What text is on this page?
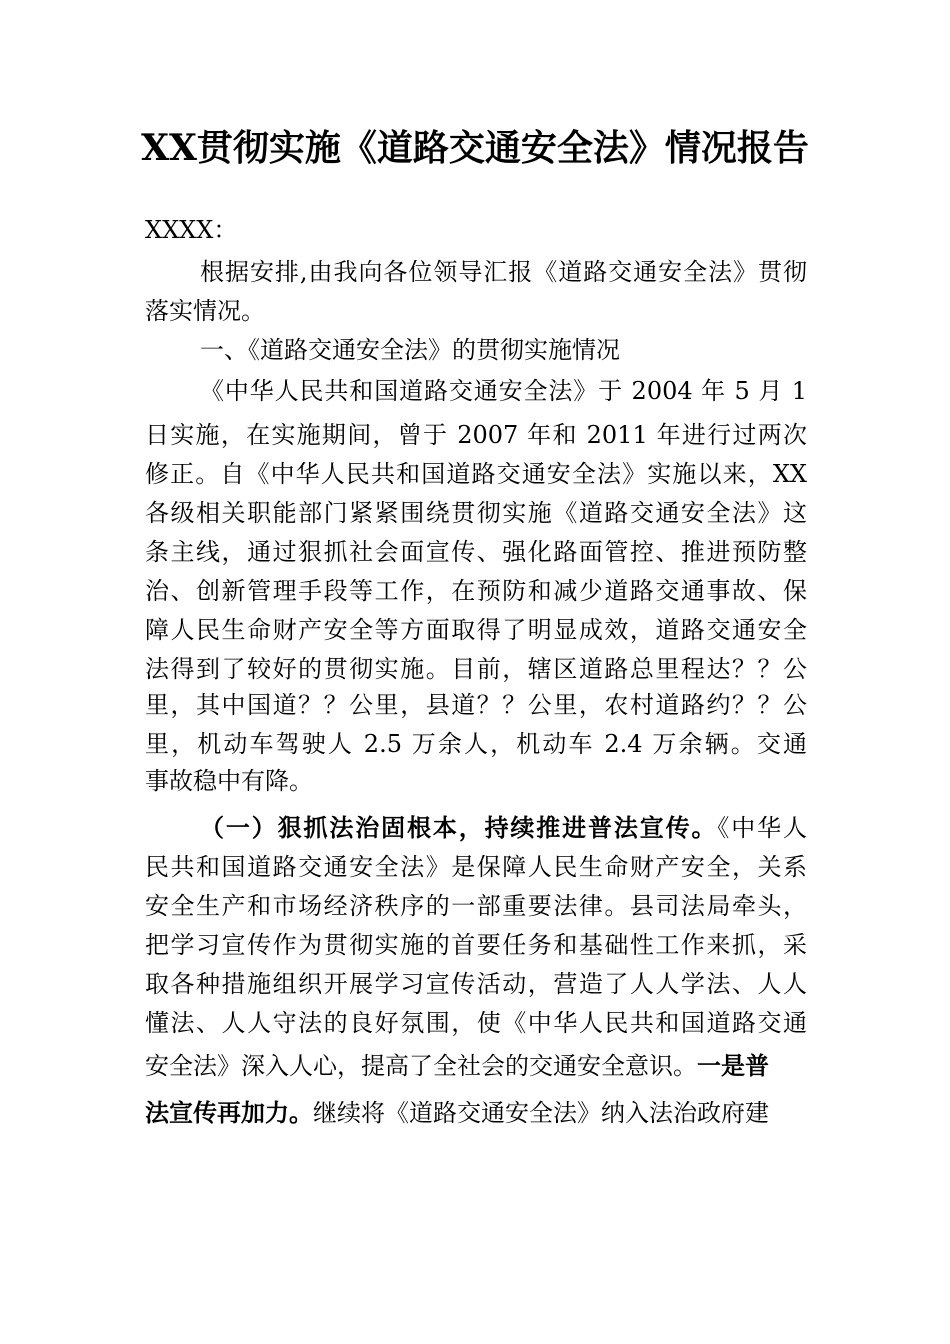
XX贯彻实施《道路交通安全法》情况报告
XXXX：
根据安排,由我向各位领导汇报《道路交通安全法》贯彻
落实情况。
一、《道路交通安全法》的贯彻实施情况
《中华人民共和国道路交通安全法》于 2004 年 5 月 1
日实施，在实施期间，曾于 2007 年和 2011 年进行过两次
修正。自《中华人民共和国道路交通安全法》实施以来，XX
各级相关职能部门紧紧围绕贯彻实施《道路交通安全法》这
条主线，通过狠抓社会面宣传、强化路面管控、推进预防整
治、创新管理手段等工作，在预防和减少道路交通事故、保
障人民生命财产安全等方面取得了明显成效，道路交通安全
法得到了较好的贯彻实施。目前，辖区道路总里程达？？公
里，其中国道？？公里，县道？？公里，农村道路约？？公
里，机动车驾驶人 2.5 万余人，机动车 2.4 万余辆。交通
事故稳中有降。
（一）狠抓法治固根本，持续推进普法宣传。《中华人
民共和国道路交通安全法》是保障人民生命财产安全，关系
安全生产和市场经济秩序的一部重要法律。县司法局牵头，
把学习宣传作为贯彻实施的首要任务和基础性工作来抓，采
取各种措施组织开展学习宣传活动，营造了人人学法、人人
懂法、人人守法的良好氛围，使《中华人民共和国道路交通
安全法》深入人心，提高了全社会的交通安全意识。一是普
法宣传再加力。继续将《道路交通安全法》纳入法治政府建
